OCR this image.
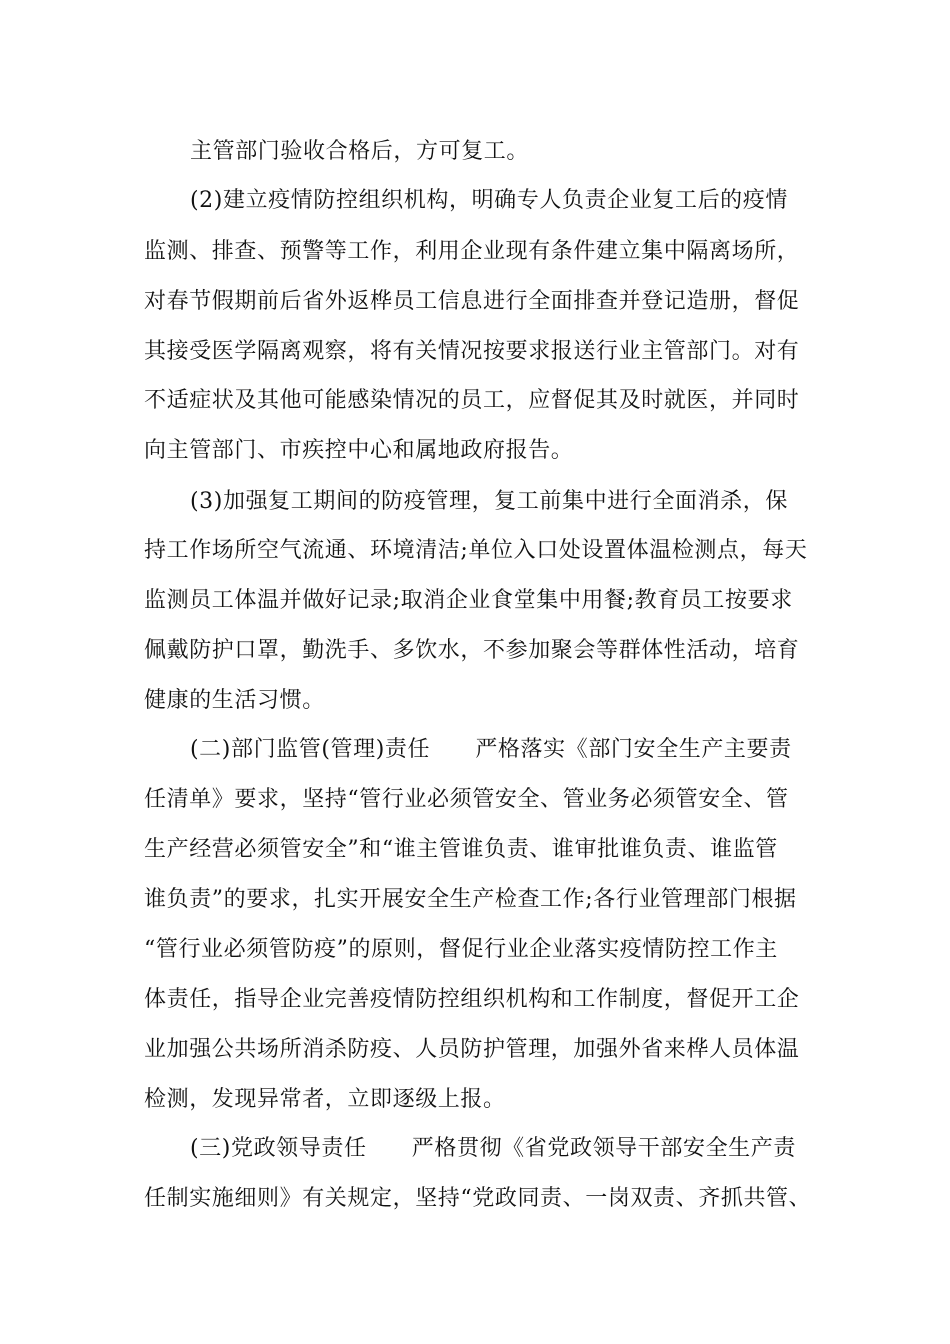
主管部门验收合格后，方可复工。
(2)建立疫情防控组织机构，明确专人负责企业复工后的疫情
监测、排查、预警等工作，利用企业现有条件建立集中隔离场所，
对春节假期前后省外返桦员工信息进行全面排查并登记造册，督促
其接受医学隔离观察，将有关情况按要求报送行业主管部门。对有
不适症状及其他可能感染情况的员工，应督促其及时就医，并同时
向主管部门、市疾控中心和属地政府报告。
(3)加强复工期间的防疫管理，复工前集中进行全面消杀，保
持工作场所空气流通、环境清洁;单位入口处设置体温检测点，每天
监测员工体温并做好记录;取消企业食堂集中用餐;教育员工按要求
佩戴防护口罩，勤洗手、多饮水，不参加聚会等群体性活动，培育
健康的生活习惯。
(二)部门监管(管理)责任　　严格落实《部门安全生产主要责
任清单》要求，坚持“管行业必须管安全、管业务必须管安全、管
生产经营必须管安全”和“谁主管谁负责、谁审批谁负责、谁监管
谁负责”的要求，扎实开展安全生产检查工作;各行业管理部门根据
“管行业必须管防疫”的原则，督促行业企业落实疫情防控工作主
体责任，指导企业完善疫情防控组织机构和工作制度，督促开工企
业加强公共场所消杀防疫、人员防护管理，加强外省来桦人员体温
检测，发现异常者，立即逐级上报。
(三)党政领导责任　　严格贯彻《省党政领导干部安全生产责
任制实施细则》有关规定，坚持“党政同责、一岗双责、齐抓共管、
